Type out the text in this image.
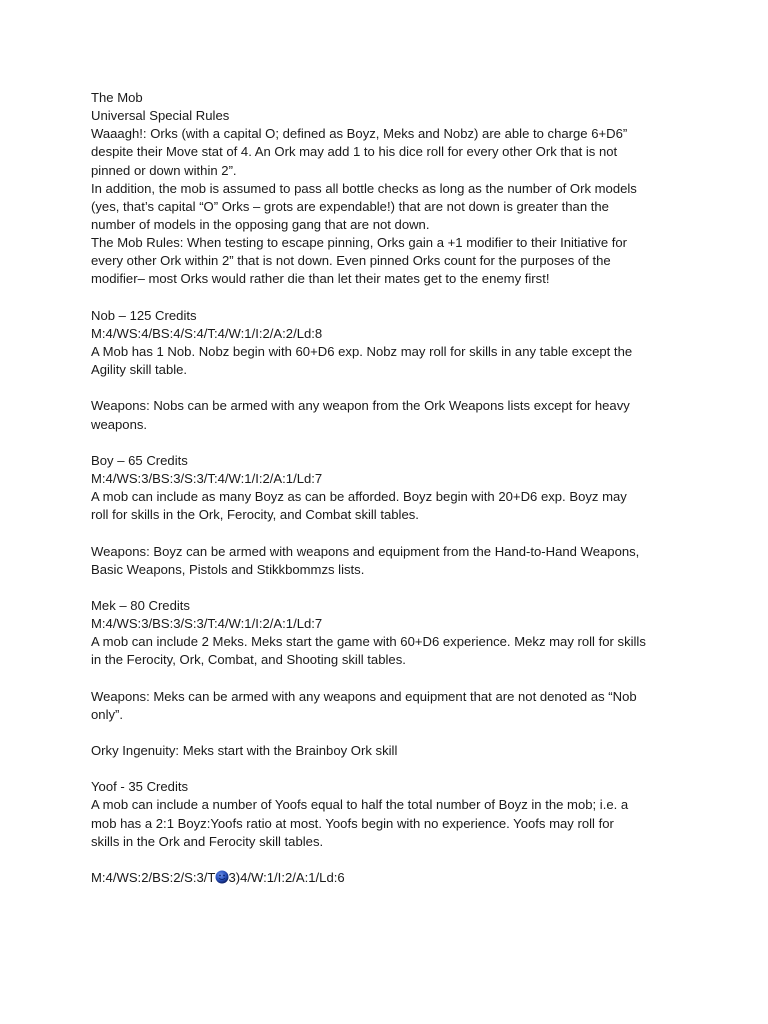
The Mob
Universal Special Rules
Waaagh!: Orks (with a capital O; defined as Boyz, Meks and Nobz) are able to charge 6+D6”
despite their Move stat of 4. An Ork may add 1 to his dice roll for every other Ork that is not
pinned or down within 2”.
In addition, the mob is assumed to pass all bottle checks as long as the number of Ork models
(yes, that’s capital “O” Orks – grots are expendable!) that are not down is greater than the
number of models in the opposing gang that are not down.
The Mob Rules: When testing to escape pinning, Orks gain a +1 modifier to their Initiative for
every other Ork within 2” that is not down. Even pinned Orks count for the purposes of the
modifier– most Orks would rather die than let their mates get to the enemy first!
Nob – 125 Credits
M:4/WS:4/BS:4/S:4/T:4/W:1/I:2/A:2/Ld:8
A Mob has 1 Nob. Nobz begin with 60+D6 exp. Nobz may roll for skills in any table except the
Agility skill table.
Weapons: Nobs can be armed with any weapon from the Ork Weapons lists except for heavy
weapons.
Boy – 65 Credits
M:4/WS:3/BS:3/S:3/T:4/W:1/I:2/A:1/Ld:7
A mob can include as many Boyz as can be afforded. Boyz begin with 20+D6 exp. Boyz may
roll for skills in the Ork, Ferocity, and Combat skill tables.
Weapons: Boyz can be armed with weapons and equipment from the Hand-to-Hand Weapons,
Basic Weapons, Pistols and Stikkbommzs lists.
Mek – 80 Credits
M:4/WS:3/BS:3/S:3/T:4/W:1/I:2/A:1/Ld:7
A mob can include 2 Meks. Meks start the game with 60+D6 experience. Mekz may roll for skills
in the Ferocity, Ork, Combat, and Shooting skill tables.
Weapons: Meks can be armed with any weapons and equipment that are not denoted as “Nob
only”.
Orky Ingenuity: Meks start with the Brainboy Ork skill
Yoof - 35 Credits
A mob can include a number of Yoofs equal to half the total number of Boyz in the mob; i.e. a
mob has a 2:1 Boyz:Yoofs ratio at most. Yoofs begin with no experience. Yoofs may roll for
skills in the Ork and Ferocity skill tables.
M:4/WS:2/BS:2/S:3/T 3)4/W:1/I:2/A:1/Ld:6
